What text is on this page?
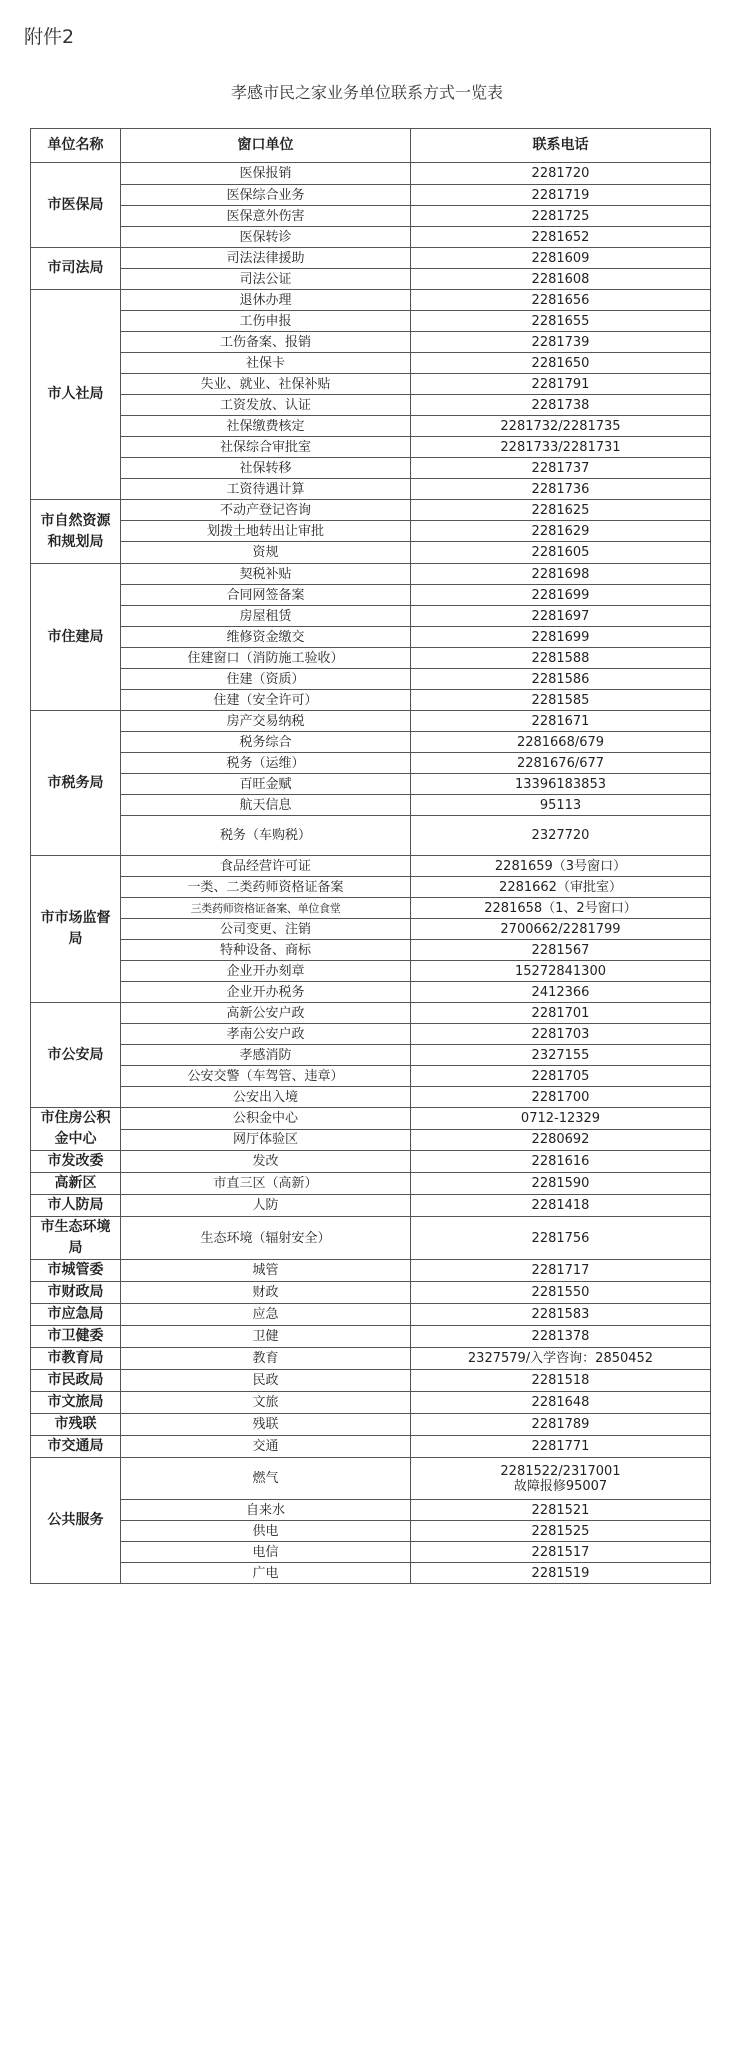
附件2
孝感市民之家业务单位联系方式一览表
单位名称	窗口单位	联系电话
市医保局	医保报销	2281720
	医保综合业务	2281719
	医保意外伤害	2281725
	医保转诊	2281652
市司法局	司法法律援助	2281609
	司法公证	2281608
市人社局	退休办理	2281656
	工伤申报	2281655
	工伤备案、报销	2281739
	社保卡	2281650
	失业、就业、社保补贴	2281791
	工资发放、认证	2281738
	社保缴费核定	2281732/2281735
	社保综合审批室	2281733/2281731
	社保转移	2281737
	工资待遇计算	2281736
市自然资源和规划局	不动产登记咨询	2281625
	划拨土地转出让审批	2281629
	资规	2281605
市住建局	契税补贴	2281698
	合同网签备案	2281699
	房屋租赁	2281697
	维修资金缴交	2281699
	住建窗口（消防施工验收）	2281588
	住建（资质）	2281586
	住建（安全许可）	2281585
市税务局	房产交易纳税	2281671
	税务综合	2281668/679
	税务（运维）	2281676/677
	百旺金赋	13396183853
	航天信息	95113
	税务（车购税）	2327720
市市场监督局	食品经营许可证	2281659（3号窗口）
	一类、二类药师资格证备案	2281662（审批室）
	三类药师资格证备案、单位食堂	2281658（1、2号窗口）
	公司变更、注销	2700662/2281799
	特种设备、商标	2281567
	企业开办刻章	15272841300
	企业开办税务	2412366
市公安局	高新公安户政	2281701
	孝南公安户政	2281703
	孝感消防	2327155
	公安交警（车驾管、违章）	2281705
	公安出入境	2281700
市住房公积金中心	公积金中心	0712-12329
	网厅体验区	2280692
市发改委	发改	2281616
高新区	市直三区（高新）	2281590
市人防局	人防	2281418
市生态环境局	生态环境（辐射安全）	2281756
市城管委	城管	2281717
市财政局	财政	2281550
市应急局	应急	2281583
市卫健委	卫健	2281378
市教育局	教育	2327579/入学咨询：2850452
市民政局	民政	2281518
市文旅局	文旅	2281648
市残联	残联	2281789
市交通局	交通	2281771
公共服务	燃气	2281522/2317001
故障报修95007
	自来水	2281521
	供电	2281525
	电信	2281517
	广电	2281519
